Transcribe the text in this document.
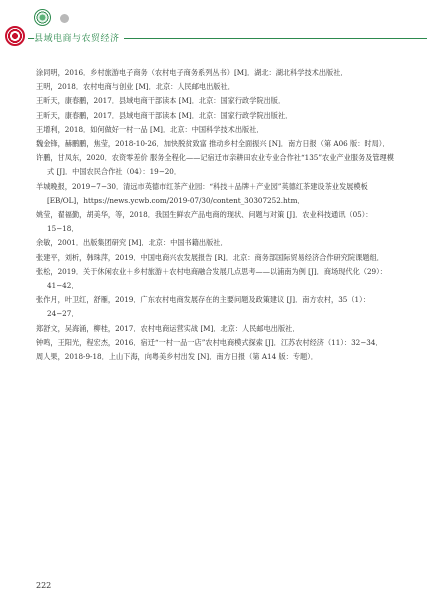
县域电商与农贸经济
涂同明，2016．乡村旅游电子商务（农村电子商务系列丛书）[M]．湖北：湖北科学技术出版社．
王明，2018．农村电商与创业 [M]．北京：人民邮电出版社．
王昕天，康春鹏，2017．县域电商干部读本 [M]．北京：国家行政学院出版．
王昕天，康春鹏，2017．县域电商干部读本 [M]．北京：国家行政学院出版社．
王增利，2018．如何做好一村一品 [M]．北京：中国科学技术出版社．
魏金锋，赫鹏鹏，焦莹，2018-10-26．加快脱贫致富 推动乡村全面振兴 [N]．南方日报（第 A06 版：时局）．
许鹏，甘凤东，2020．农资零差价 服务全程化——记宿迁市亲耕田农业专业合作社“135”农业产业服务及管理模式 [J]．中国农民合作社（04）：19−20．
羊城晚报，2019−7−30．清远市英德市红茶产业园：“科技＋品牌＋产业园”英德红茶建设茶业发展模板 [EB/OL]，https://news.ycwb.com/2019-07/30/content_30307252.htm．
姚莹，翟福勤，胡美华，等，2018．我国生鲜农产品电商的现状、问题与对策 [J]．农业科技通讯（05）：15−18．
余敏，2001．出版集团研究 [M]．北京：中国书籍出版社．
张建平，刘析，韩珠萍，2019．中国电商兴农发展报告 [R]．北京：商务部国际贸易经济合作研究院课题组．
张松，2019．关于休闲农业＋乡村旅游＋农村电商融合发展几点思考——以浦南为例 [J]．商场现代化（29）：41−42．
张作月，叶卫红，舒雁，2019．广东农村电商发展存在的主要问题及政策建议 [J]．南方农村，35（1）：24−27．
郑舒文，吴海涌，柳桂，2017．农村电商运营实战 [M]．北京：人民邮电出版社．
钟鸣，王阳光，程宏杰，2016．宿迁“一村一品一店”农村电商模式探索 [J]．江苏农村经济（11）：32−34．
周人果，2018-9-18．上山下海，向粤美乡村出发 [N]．南方日报（第 A14 版：专题）．
222
